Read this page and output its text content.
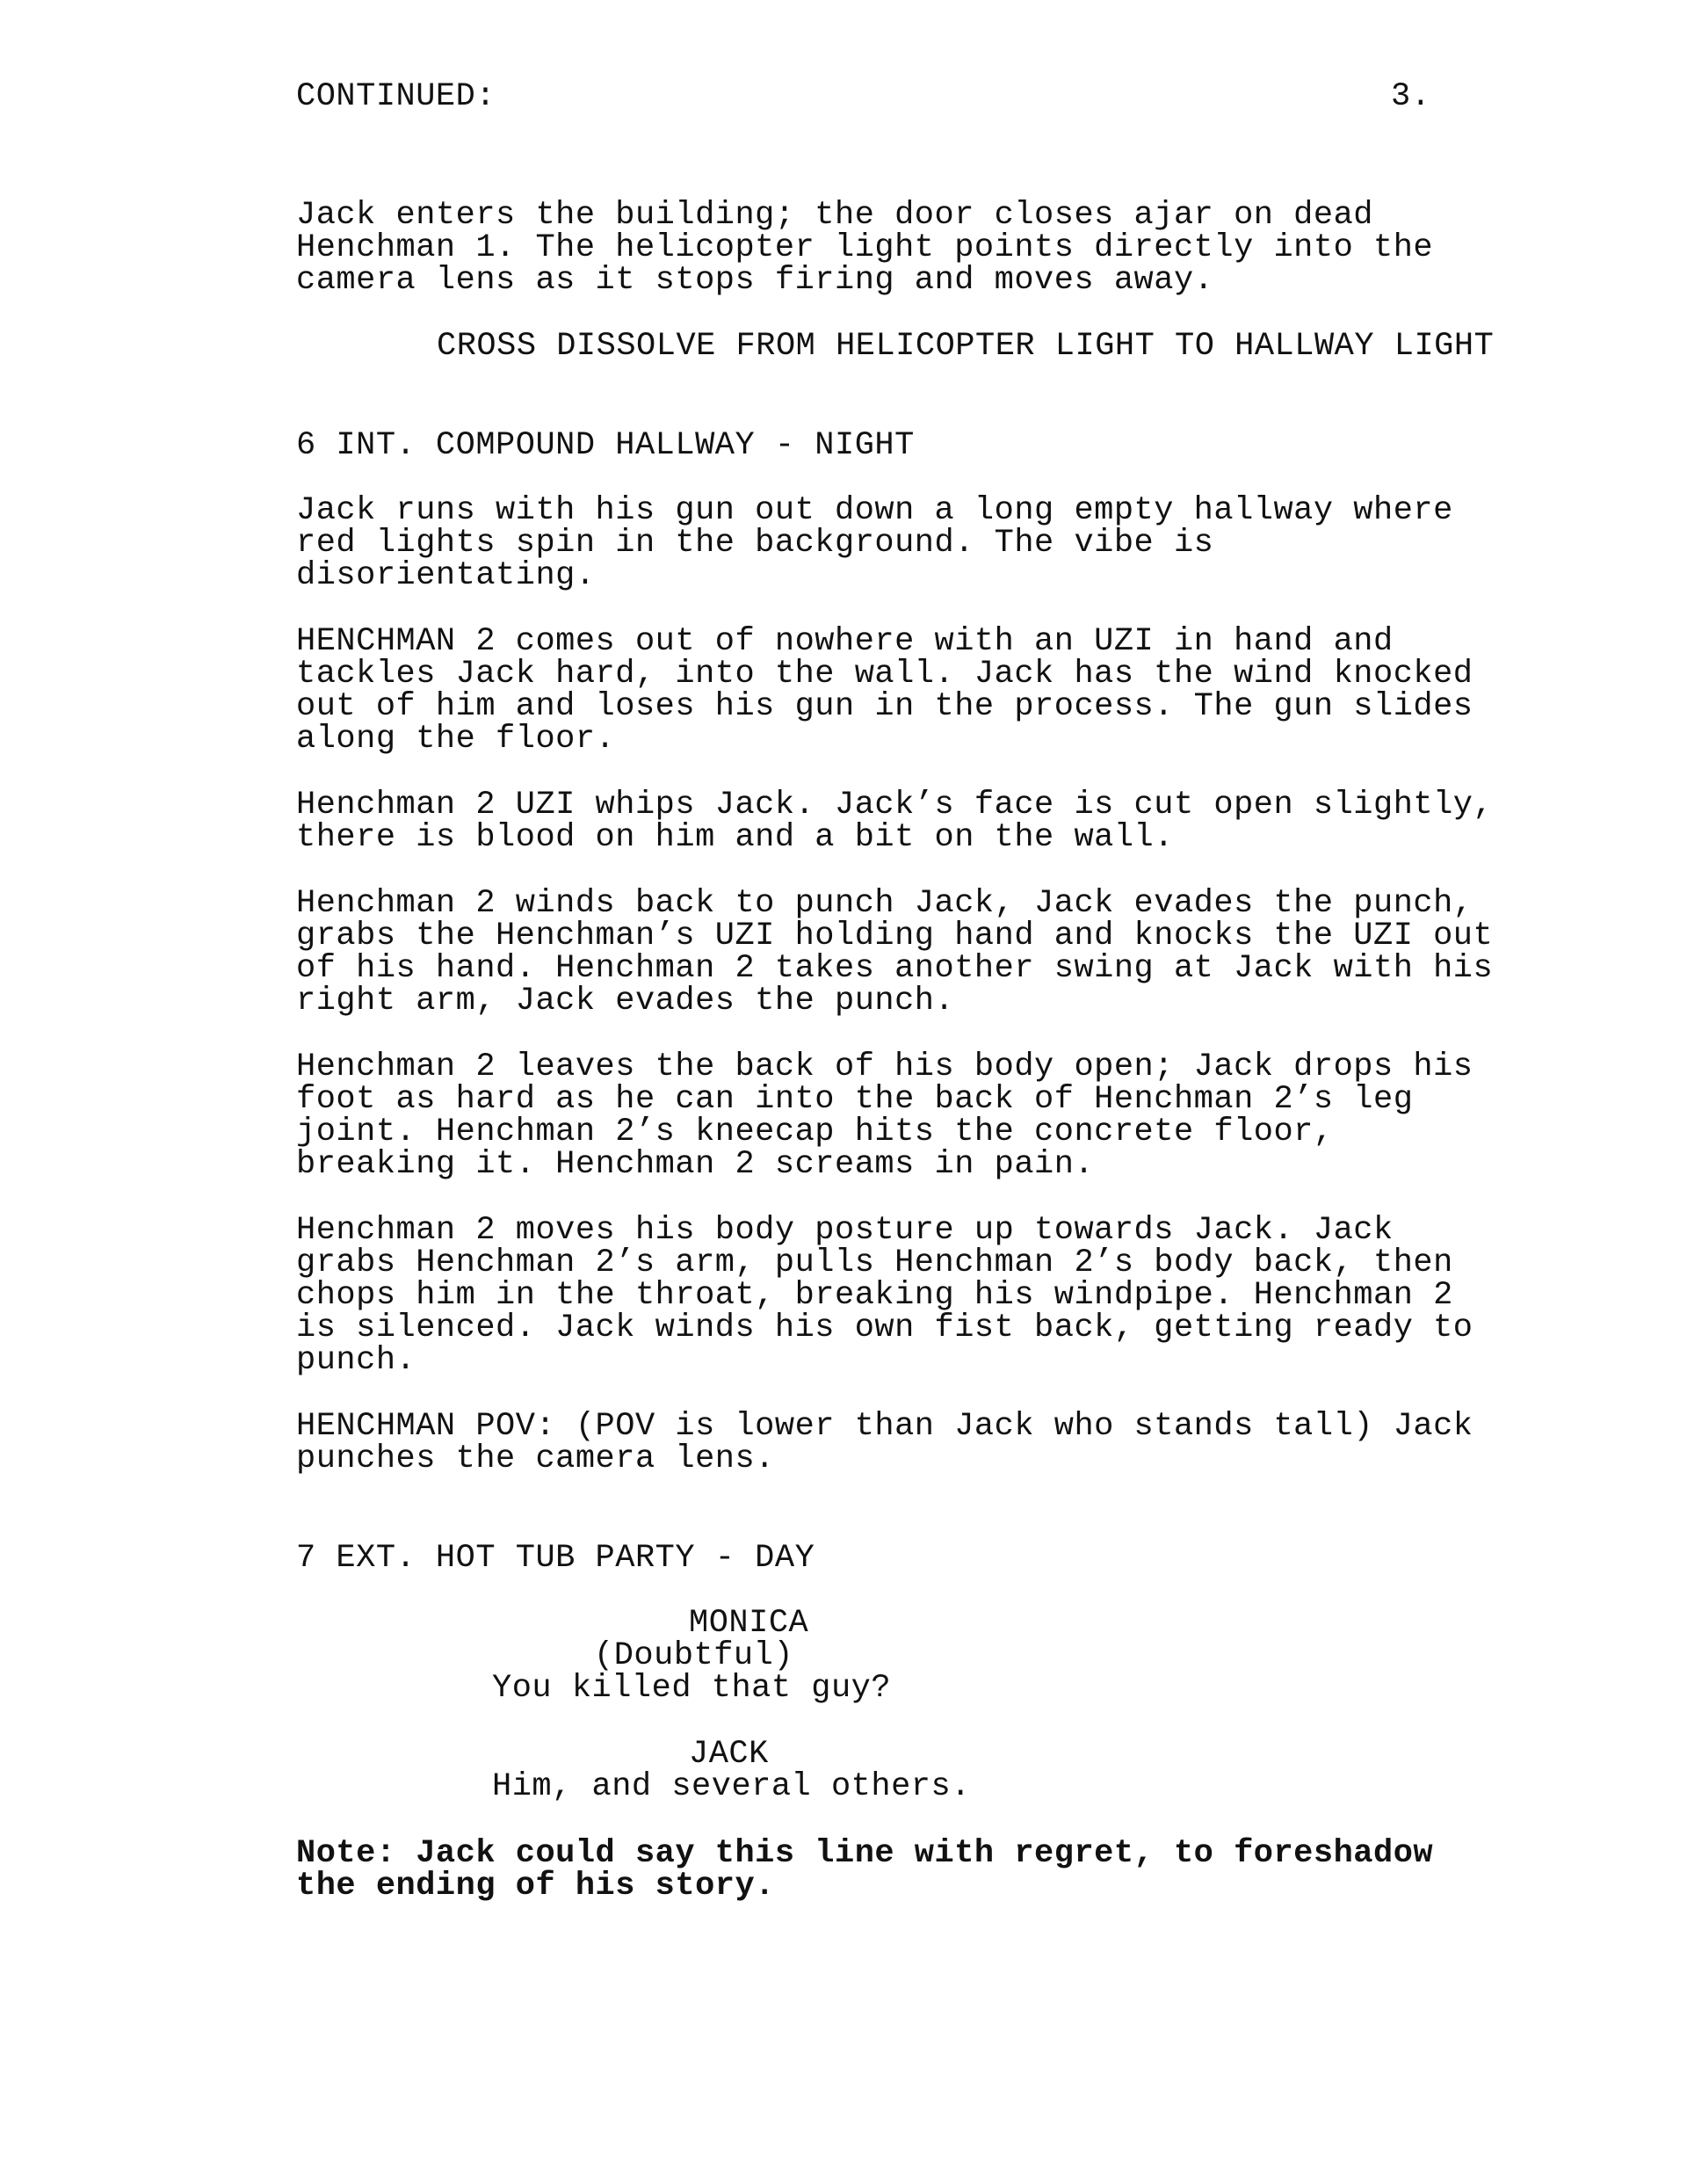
CONTINUED:	3.
Jack enters the building; the door closes ajar on dead
Henchman 1. The helicopter light points directly into the
camera lens as it stops firing and moves away.
CROSS DISSOLVE FROM HELICOPTER LIGHT TO HALLWAY LIGHT
6 INT. COMPOUND HALLWAY - NIGHT
Jack runs with his gun out down a long empty hallway where
red lights spin in the background. The vibe is
disorientating.
HENCHMAN 2 comes out of nowhere with an UZI in hand and
tackles Jack hard, into the wall. Jack has the wind knocked
out of him and loses his gun in the process. The gun slides
along the floor.
Henchman 2 UZI whips Jack. Jack’s face is cut open slightly,
there is blood on him and a bit on the wall.
Henchman 2 winds back to punch Jack, Jack evades the punch,
grabs the Henchman’s UZI holding hand and knocks the UZI out
of his hand. Henchman 2 takes another swing at Jack with his
right arm, Jack evades the punch.
Henchman 2 leaves the back of his body open; Jack drops his
foot as hard as he can into the back of Henchman 2’s leg
joint. Henchman 2’s kneecap hits the concrete floor,
breaking it. Henchman 2 screams in pain.
Henchman 2 moves his body posture up towards Jack. Jack
grabs Henchman 2’s arm, pulls Henchman 2’s body back, then
chops him in the throat, breaking his windpipe. Henchman 2
is silenced. Jack winds his own fist back, getting ready to
punch.
HENCHMAN POV: (POV is lower than Jack who stands tall) Jack
punches the camera lens.
7 EXT. HOT TUB PARTY - DAY
MONICA
(Doubtful)
You killed that guy?
JACK
Him, and several others.
Note: Jack could say this line with regret, to foreshadow
the ending of his story.
